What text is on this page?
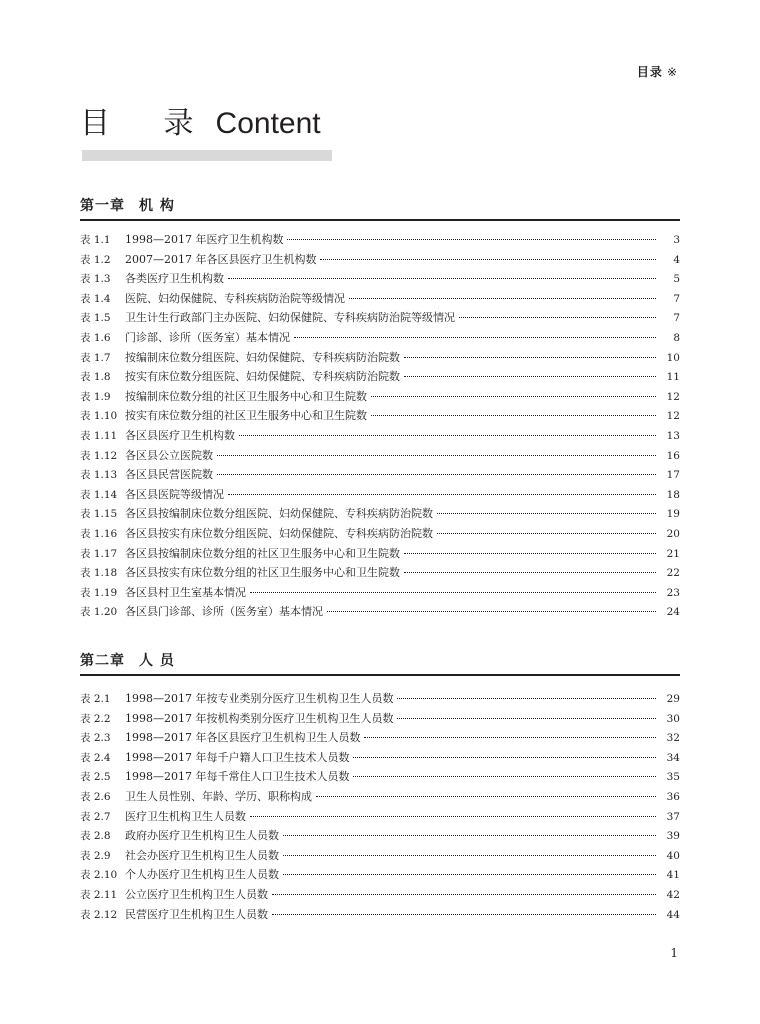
目录 ※
目 录Content
第一章 机 构
表 1.1	1998—2017 年医疗卫生机构数	3
表 1.2	2007—2017 年各区县医疗卫生机构数	4
表 1.3	各类医疗卫生机构数	5
表 1.4	医院、妇幼保健院、专科疾病防治院等级情况	7
表 1.5	卫生计生行政部门主办医院、妇幼保健院、专科疾病防治院等级情况	7
表 1.6	门诊部、诊所（医务室）基本情况	8
表 1.7	按编制床位数分组医院、妇幼保健院、专科疾病防治院数	10
表 1.8	按实有床位数分组医院、妇幼保健院、专科疾病防治院数	11
表 1.9	按编制床位数分组的社区卫生服务中心和卫生院数	12
表 1.10 按实有床位数分组的社区卫生服务中心和卫生院数	12
表 1.11 各区县医疗卫生机构数	13
表 1.12 各区县公立医院数	16
表 1.13 各区县民营医院数	17
表 1.14 各区县医院等级情况	18
表 1.15 各区县按编制床位数分组医院、妇幼保健院、专科疾病防治院数	19
表 1.16 各区县按实有床位数分组医院、妇幼保健院、专科疾病防治院数	20
表 1.17 各区县按编制床位数分组的社区卫生服务中心和卫生院数	21
表 1.18 各区县按实有床位数分组的社区卫生服务中心和卫生院数	22
表 1.19 各区县村卫生室基本情况	23
表 1.20 各区县门诊部、诊所（医务室）基本情况	24
第二章 人 员
表 2.1	1998—2017 年按专业类别分医疗卫生机构卫生人员数	29
表 2.2	1998—2017 年按机构类别分医疗卫生机构卫生人员数	30
表 2.3	1998—2017 年各区县医疗卫生机构卫生人员数	32
表 2.4	1998—2017 年每千户籍人口卫生技术人员数	34
表 2.5	1998—2017 年每千常住人口卫生技术人员数	35
表 2.6	卫生人员性别、年龄、学历、职称构成	36
表 2.7	医疗卫生机构卫生人员数	37
表 2.8	政府办医疗卫生机构卫生人员数	39
表 2.9	社会办医疗卫生机构卫生人员数	40
表 2.10 个人办医疗卫生机构卫生人员数	41
表 2.11 公立医疗卫生机构卫生人员数	42
表 2.12 民营医疗卫生机构卫生人员数	44
1
